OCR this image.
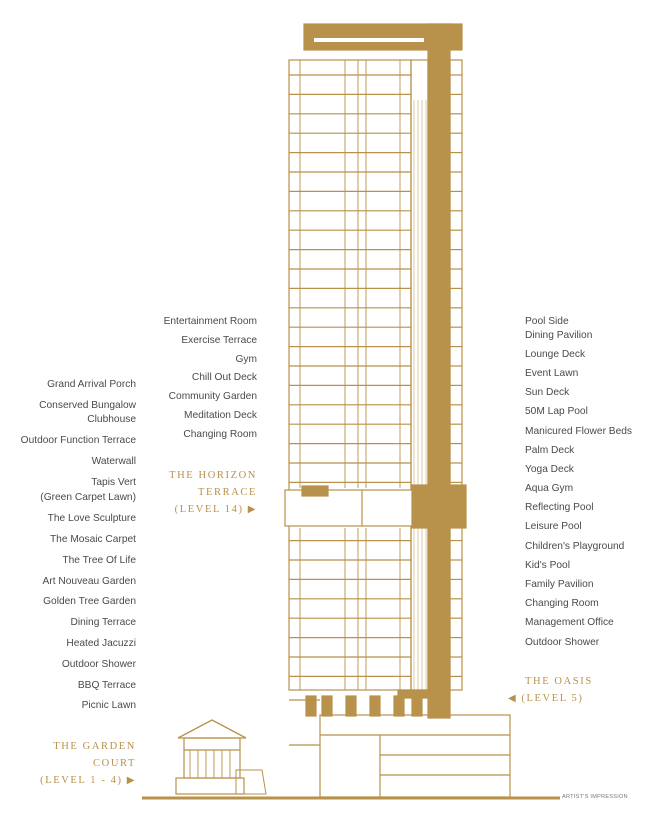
Entertainment Room
Exercise Terrace
Gym
Chill Out Deck
Community Garden
Meditation Deck
Changing Room
THE HORIZON
TERRACE
(LEVEL 14) ▶
Grand Arrival Porch
Conserved Bungalow
Clubhouse
Outdoor Function Terrace
Waterwall
Tapis Vert
(Green Carpet Lawn)
The Love Sculpture
The Mosaic Carpet
The Tree Of Life
Art Nouveau Garden
Golden Tree Garden
Dining Terrace
Heated Jacuzzi
Outdoor Shower
BBQ Terrace
Picnic Lawn
THE GARDEN
COURT
(LEVEL 1 - 4) ▶
Pool Side
Dining Pavilion
Lounge Deck
Event Lawn
Sun Deck
50M Lap Pool
Manicured Flower Beds
Palm Deck
Yoga Deck
Aqua Gym
Reflecting Pool
Leisure Pool
Children's Playground
Kid's Pool
Family Pavilion
Changing Room
Management Office
Outdoor Shower
THE OASIS
◀ (LEVEL 5)
ARTIST'S IMPRESSION
